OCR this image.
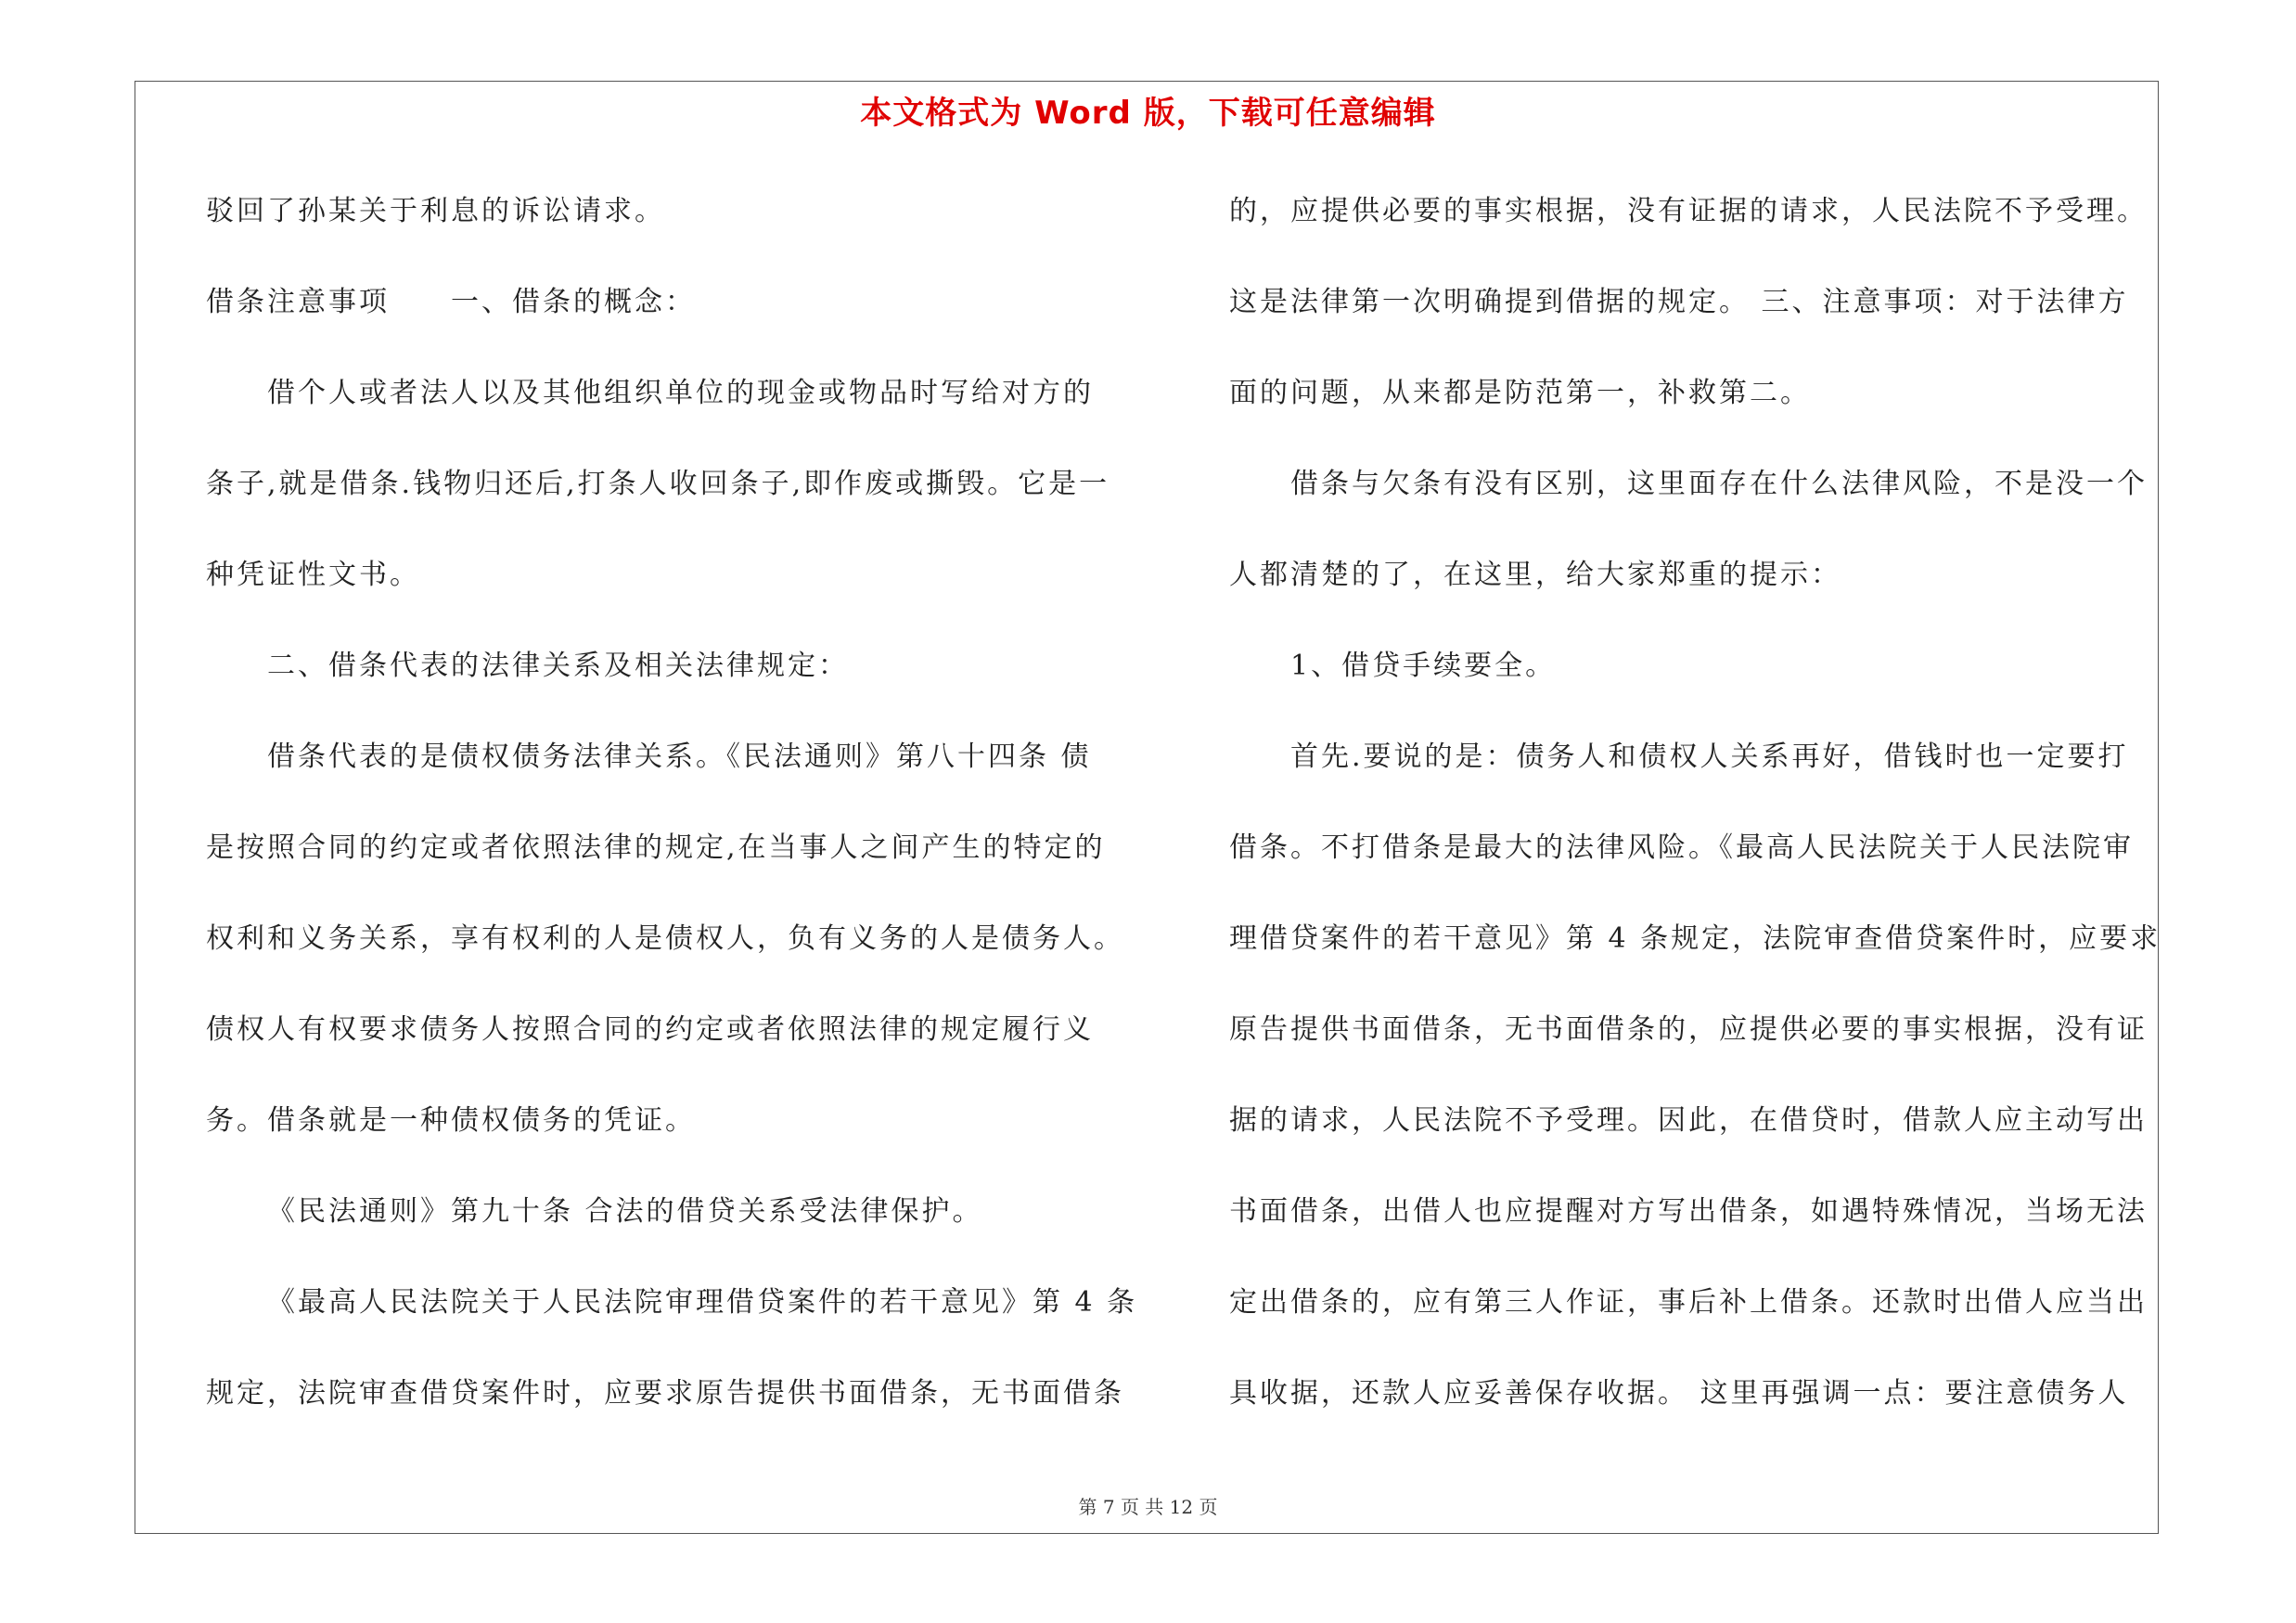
本文格式为 Word 版，下载可任意编辑
驳回了孙某关于利息的诉讼请求。
借条注意事项　　一、借条的概念：
借个人或者法人以及其他组织单位的现金或物品时写给对方的
条子,就是借条.钱物归还后,打条人收回条子,即作废或撕毁。它是一
种凭证性文书。
二、借条代表的法律关系及相关法律规定：
借条代表的是债权债务法律关系。《民法通则》第八十四条 债
是按照合同的约定或者依照法律的规定,在当事人之间产生的特定的
权利和义务关系，享有权利的人是债权人，负有义务的人是债务人。
债权人有权要求债务人按照合同的约定或者依照法律的规定履行义
务。借条就是一种债权债务的凭证。
《民法通则》第九十条 合法的借贷关系受法律保护。
《最高人民法院关于人民法院审理借贷案件的若干意见》第 4 条
规定，法院审查借贷案件时，应要求原告提供书面借条，无书面借条
的，应提供必要的事实根据，没有证据的请求，人民法院不予受理。
这是法律第一次明确提到借据的规定。 三、注意事项：对于法律方
面的问题，从来都是防范第一，补救第二。
借条与欠条有没有区别，这里面存在什么法律风险，不是没一个
人都清楚的了，在这里，给大家郑重的提示：
1、借贷手续要全。
首先.要说的是：债务人和债权人关系再好，借钱时也一定要打
借条。不打借条是最大的法律风险。《最高人民法院关于人民法院审
理借贷案件的若干意见》第 4 条规定，法院审查借贷案件时，应要求
原告提供书面借条，无书面借条的，应提供必要的事实根据，没有证
据的请求，人民法院不予受理。因此，在借贷时，借款人应主动写出
书面借条，出借人也应提醒对方写出借条，如遇特殊情况，当场无法
定出借条的，应有第三人作证，事后补上借条。还款时出借人应当出
具收据，还款人应妥善保存收据。 这里再强调一点：要注意债务人
第 7 页 共 12 页
